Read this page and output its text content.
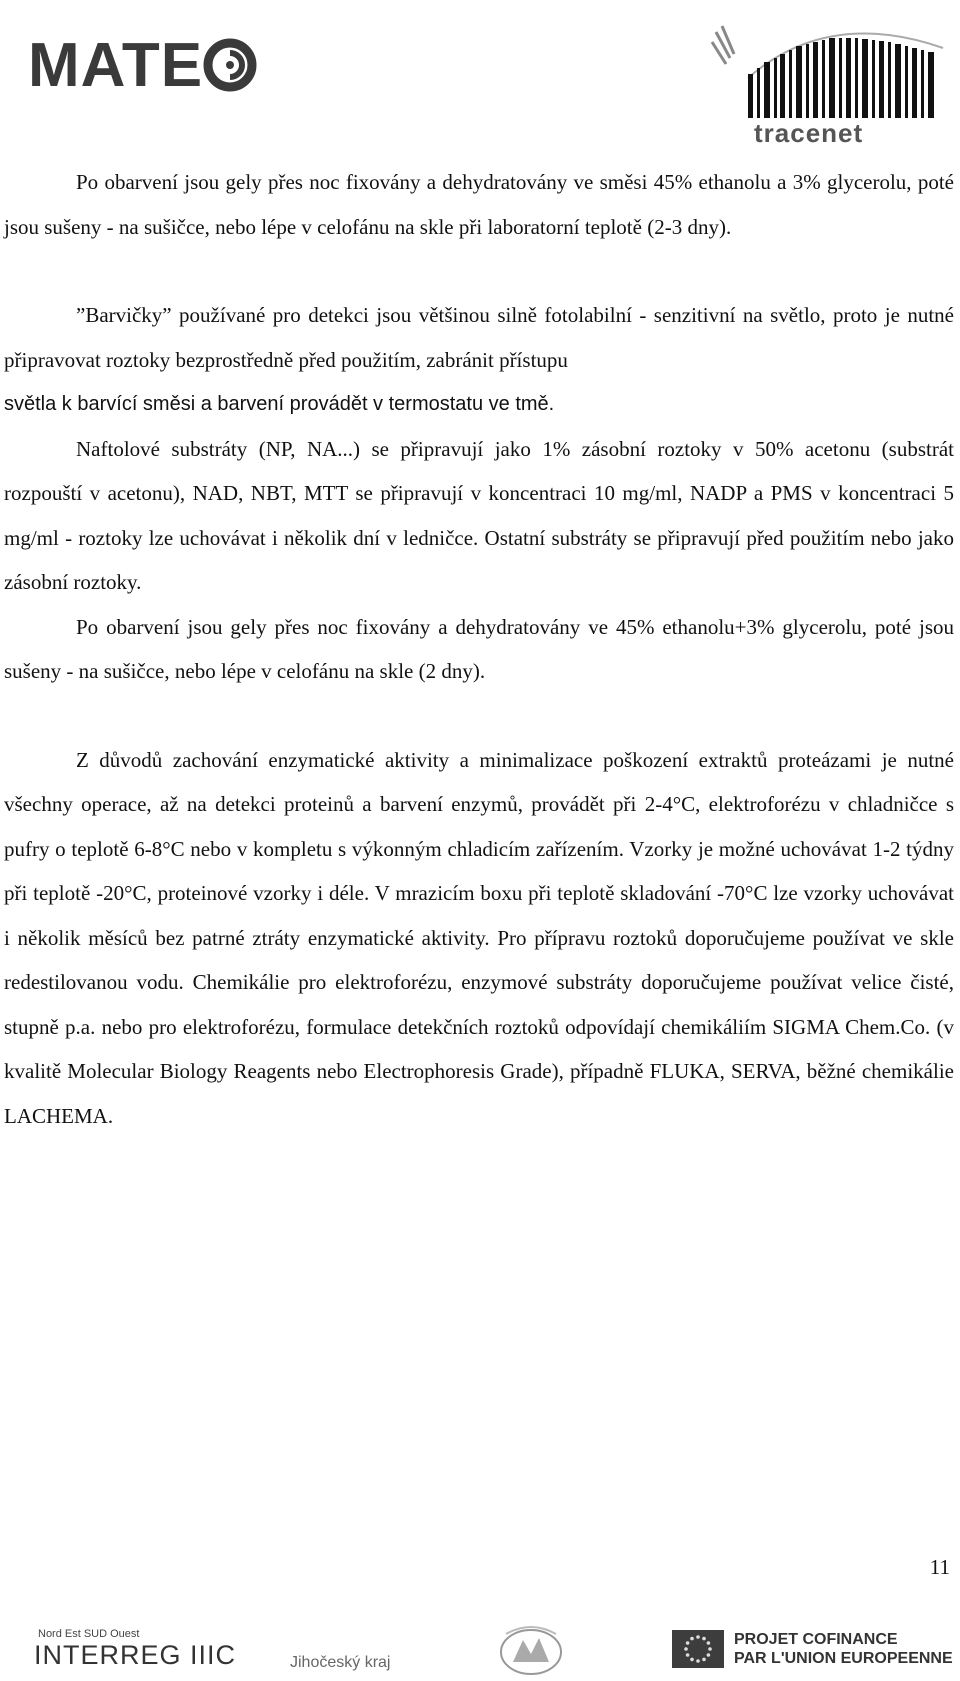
MATE
tracenet

Po obarvení jsou gely přes noc fixovány a dehydratovány ve směsi 45% ethanolu a 3% glycerolu, poté jsou sušeny - na sušičce, nebo lépe v celofánu na skle při laboratorní teplotě (2-3 dny).

”Barvičky” používané pro detekci jsou většinou silně fotolabilní - senzitivní na světlo, proto je nutné připravovat roztoky bezprostředně před použitím, zabránit přístupu

světla k barvící směsi a barvení provádět v termostatu ve tmě.

Naftolové substráty (NP, NA...) se připravují jako 1% zásobní roztoky v 50% acetonu (substrát rozpouští v acetonu), NAD, NBT, MTT se připravují v koncentraci 10 mg/ml, NADP a PMS v koncentraci 5 mg/ml - roztoky lze uchovávat i několik dní v ledničce. Ostatní substráty se připravují před použitím nebo jako zásobní roztoky.

Po obarvení jsou gely přes noc fixovány a dehydratovány ve 45% ethanolu+3% glycerolu, poté jsou sušeny - na sušičce, nebo lépe v celofánu na skle (2 dny).

Z důvodů zachování enzymatické aktivity a minimalizace poškození extraktů proteázami je nutné všechny operace, až na detekci proteinů a barvení enzymů, provádět při 2-4°C, elektroforézu v chladničce s pufry o teplotě 6-8°C nebo v kompletu s výkonným chladicím zařízením. Vzorky je možné uchovávat 1-2 týdny při teplotě -20°C, proteinové vzorky i déle. V mrazicím boxu při teplotě skladování -70°C lze vzorky uchovávat i několik měsíců bez patrné ztráty enzymatické aktivity. Pro přípravu roztoků doporučujeme používat ve skle redestilovanou vodu. Chemikálie pro elektroforézu, enzymové substráty doporučujeme používat velice čisté, stupně p.a. nebo pro elektroforézu, formulace detekčních roztoků odpovídají chemikáliím SIGMA Chem.Co. (v kvalitě Molecular Biology Reagents nebo Electrophoresis Grade), případně FLUKA, SERVA, běžné chemikálie LACHEMA.

11
Nord Est SUD Ouest
INTERREG IIIC	Jihočeský kraj
PROJET COFINANCE
PAR L'UNION EUROPEENNE
